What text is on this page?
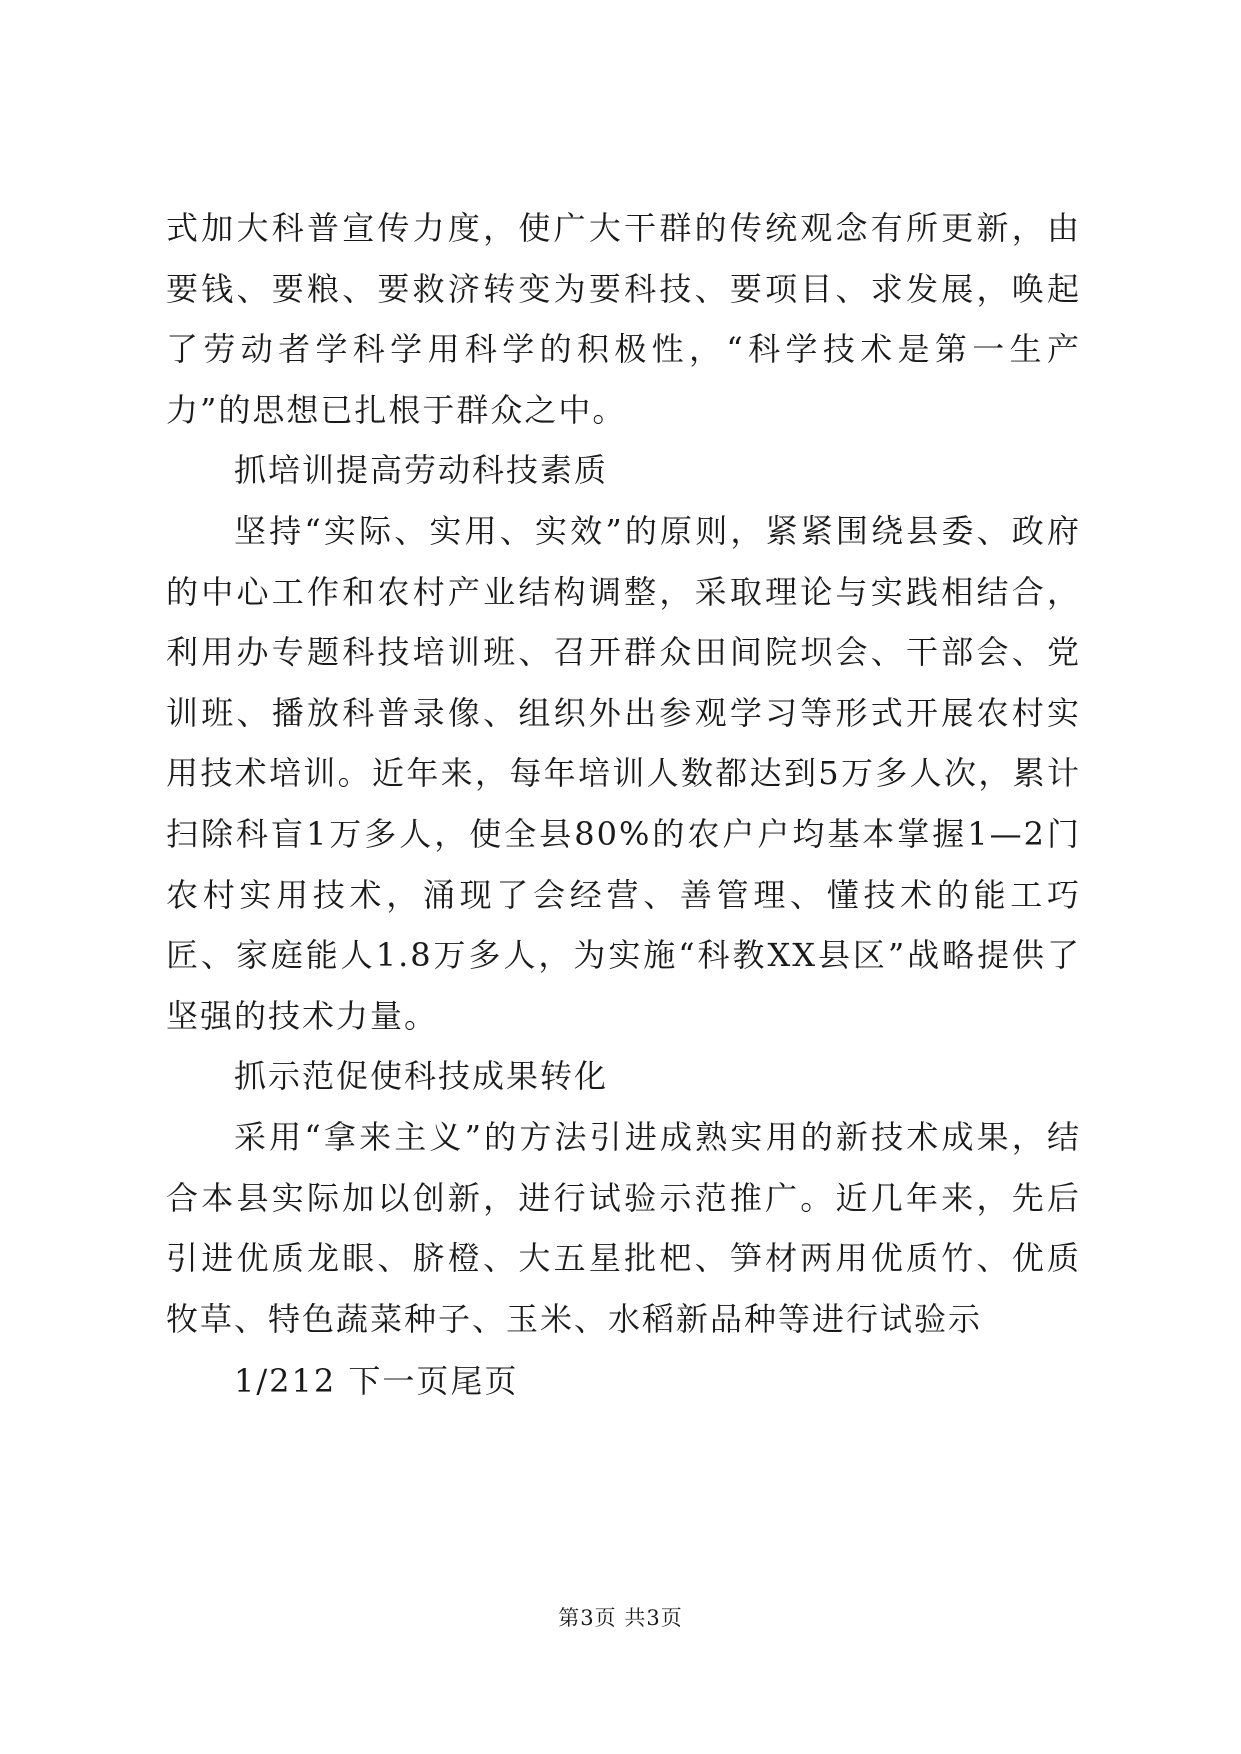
式加大科普宣传力度，使广大干群的传统观念有所更新，由要钱、要粮、要救济转变为要科技、要项目、求发展，唤起了劳动者学科学用科学的积极性，“科学技术是第一生产力”的思想已扎根于群众之中。

抓培训提高劳动科技素质

坚持“实际、实用、实效”的原则，紧紧围绕县委、政府的中心工作和农村产业结构调整，采取理论与实践相结合，利用办专题科技培训班、召开群众田间院坝会、干部会、党训班、播放科普录像、组织外出参观学习等形式开展农村实用技术培训。近年来，每年培训人数都达到5万多人次，累计扫除科盲1万多人，使全县80%的农户户均基本掌握1—2门农村实用技术，涌现了会经营、善管理、懂技术的能工巧匠、家庭能人1.8万多人，为实施“科教XX县区”战略提供了坚强的技术力量。

抓示范促使科技成果转化

采用“拿来主义”的方法引进成熟实用的新技术成果，结合本县实际加以创新，进行试验示范推广。近几年来，先后引进优质龙眼、脐橙、大五星批杷、笋材两用优质竹、优质牧草、特色蔬菜种子、玉米、水稻新品种等进行试验示

1/212 下一页尾页

第3页 共3页
